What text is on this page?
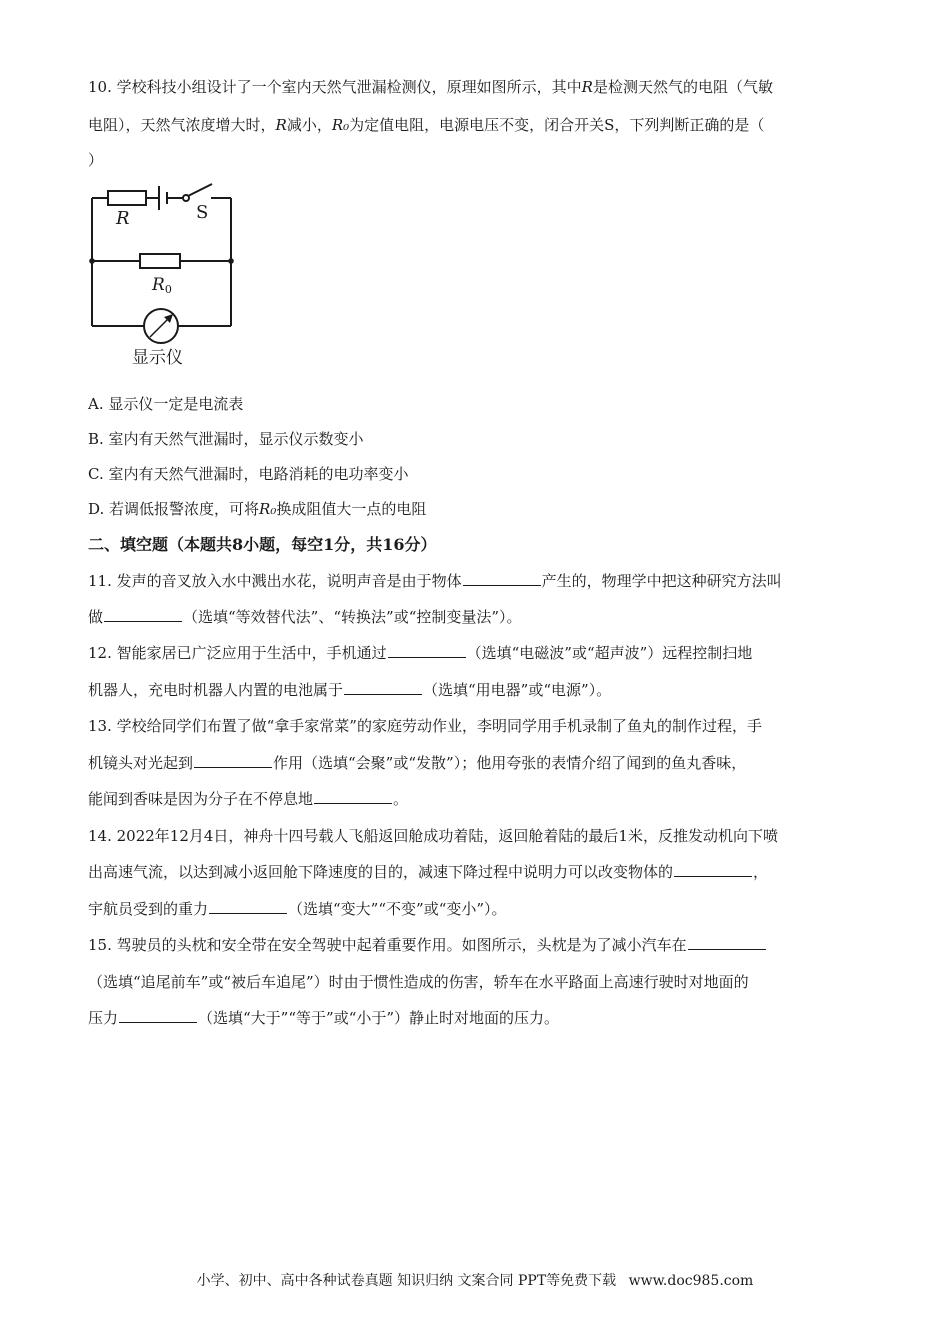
10. 学校科技小组设计了一个室内天然气泄漏检测仪，原理如图所示，其中R是检测天然气的电阻（气敏
电阻），天然气浓度增大时，R减小，R₀为定值电阻，电源电压不变，闭合开关S，下列判断正确的是（
）
R	S
R0
显示仪
A. 显示仪一定是电流表
B. 室内有天然气泄漏时，显示仪示数变小
C. 室内有天然气泄漏时，电路消耗的电功率变小
D. 若调低报警浓度，可将R₀换成阻值大一点的电阻
二、填空题（本题共8小题，每空1分，共16分）
11. 发声的音叉放入水中溅出水花，说明声音是由于物体	产生的，物理学中把这种研究方法叫
做	（选填“等效替代法”、“转换法”或“控制变量法”）。
12. 智能家居已广泛应用于生活中，手机通过	（选填“电磁波”或“超声波”）远程控制扫地
机器人，充电时机器人内置的电池属于	（选填“用电器”或“电源”）。
13. 学校给同学们布置了做“拿手家常菜”的家庭劳动作业，李明同学用手机录制了鱼丸的制作过程，手
机镜头对光起到	作用（选填“会聚”或“发散”）；他用夸张的表情介绍了闻到的鱼丸香味，
能闻到香味是因为分子在不停息地	。
14. 2022年12月4日，神舟十四号载人飞船返回舱成功着陆，返回舱着陆的最后1米，反推发动机向下喷
出高速气流，以达到减小返回舱下降速度的目的，减速下降过程中说明力可以改变物体的	，
宇航员受到的重力	（选填“变大”“不变”或“变小”）。
15. 驾驶员的头枕和安全带在安全驾驶中起着重要作用。如图所示，头枕是为了减小汽车在
（选填“追尾前车”或“被后车追尾”）时由于惯性造成的伤害，轿车在水平路面上高速行驶时对地面的
压力	（选填“大于”“等于”或“小于”）静止时对地面的压力。
小学、初中、高中各种试卷真题 知识归纳 文案合同 PPT等免费下载 www.doc985.com
